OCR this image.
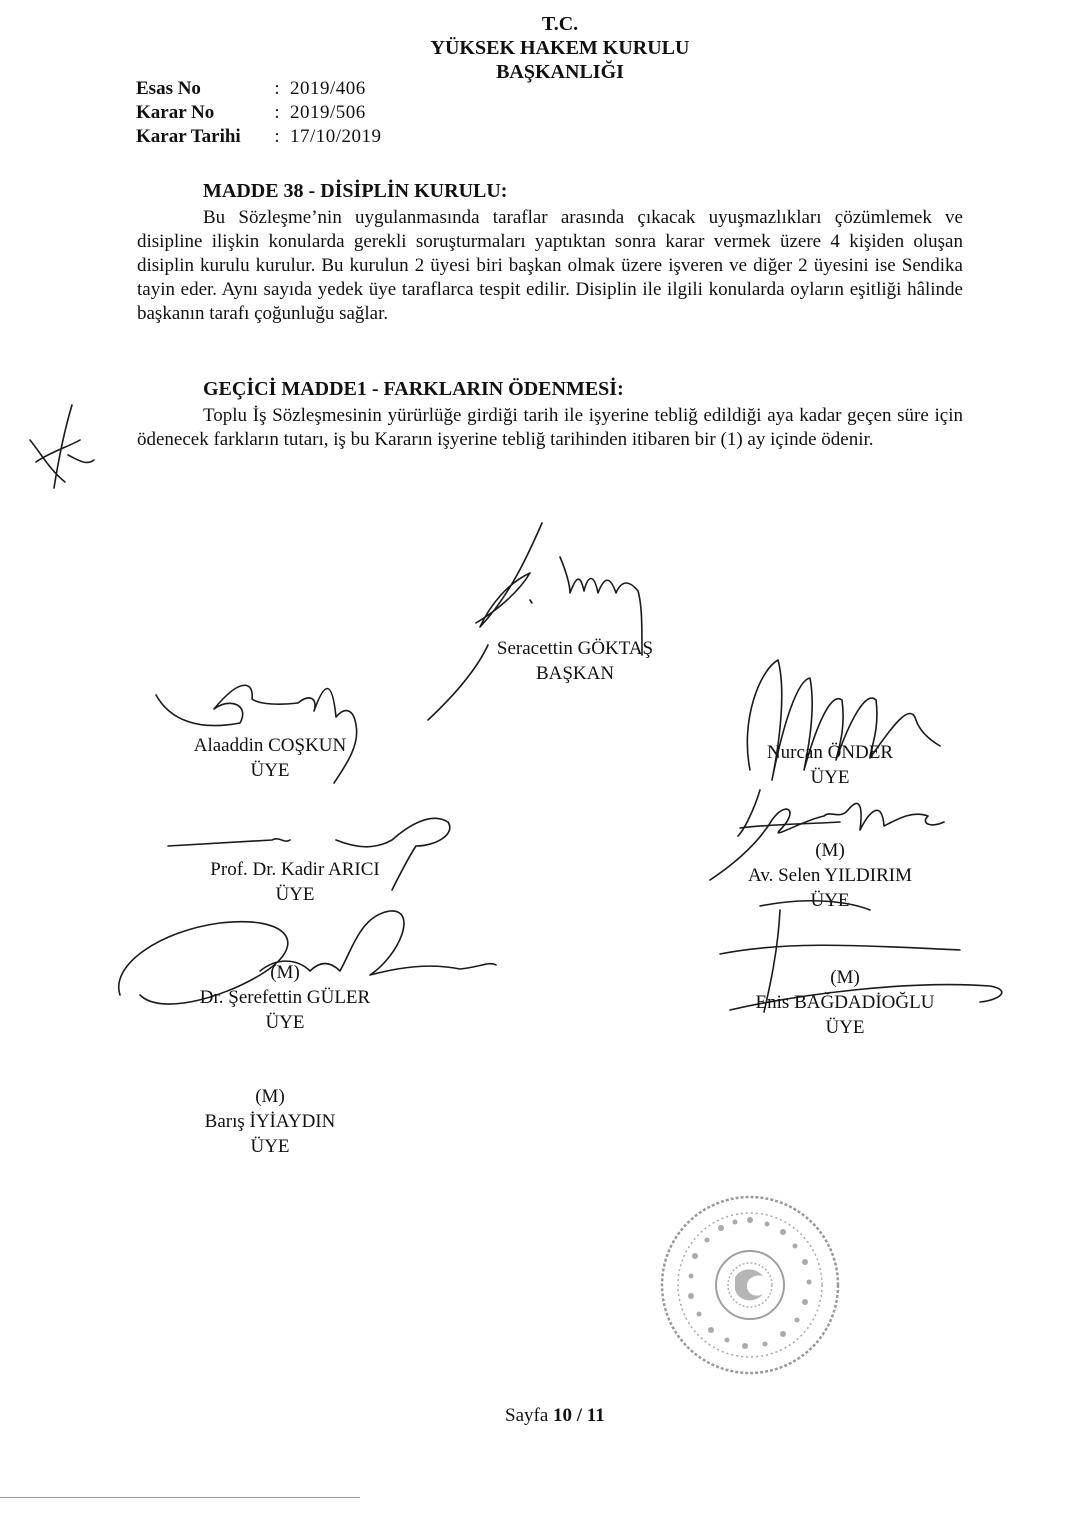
T.C.
YÜKSEK HAKEM KURULU
BAŞKANLIĞI
Esas No	: 2019/406
Karar No	: 2019/506
Karar Tarihi : 17/10/2019
MADDE 38 - DİSİPLİN KURULU:
Bu Sözleşme’nin uygulanmasında taraflar arasında çıkacak uyuşmazlıkları çözümlemek ve disipline ilişkin konularda gerekli soruşturmaları yaptıktan sonra karar vermek üzere 4 kişiden oluşan disiplin kurulu kurulur. Bu kurulun 2 üyesi biri başkan olmak üzere işveren ve diğer 2 üyesini ise Sendika tayin eder. Aynı sayıda yedek üye taraflarca tespit edilir. Disiplin ile ilgili konularda oyların eşitliği hâlinde başkanın tarafı çoğunluğu sağlar.
GEÇİCİ MADDE1 - FARKLARIN ÖDENMESİ:
Toplu İş Sözleşmesinin yürürlüğe girdiği tarih ile işyerine tebliğ edildiği aya kadar geçen süre için ödenecek farkların tutarı, iş bu Kararın işyerine tebliğ tarihinden itibaren bir (1) ay içinde ödenir.
Seracettin GÖKTAŞ
BAŞKAN
Alaaddin COŞKUN
ÜYE
Nurcan ÖNDER
ÜYE
Prof. Dr. Kadir ARICI
ÜYE
(M)
Av. Selen YILDIRIM
ÜYE
(M)
Dr. Şerefettin GÜLER
ÜYE
(M)
Enis BAĞDADİOĞLU
ÜYE
(M)
Barış İYİAYDIN
ÜYE
Sayfa 10 / 11
